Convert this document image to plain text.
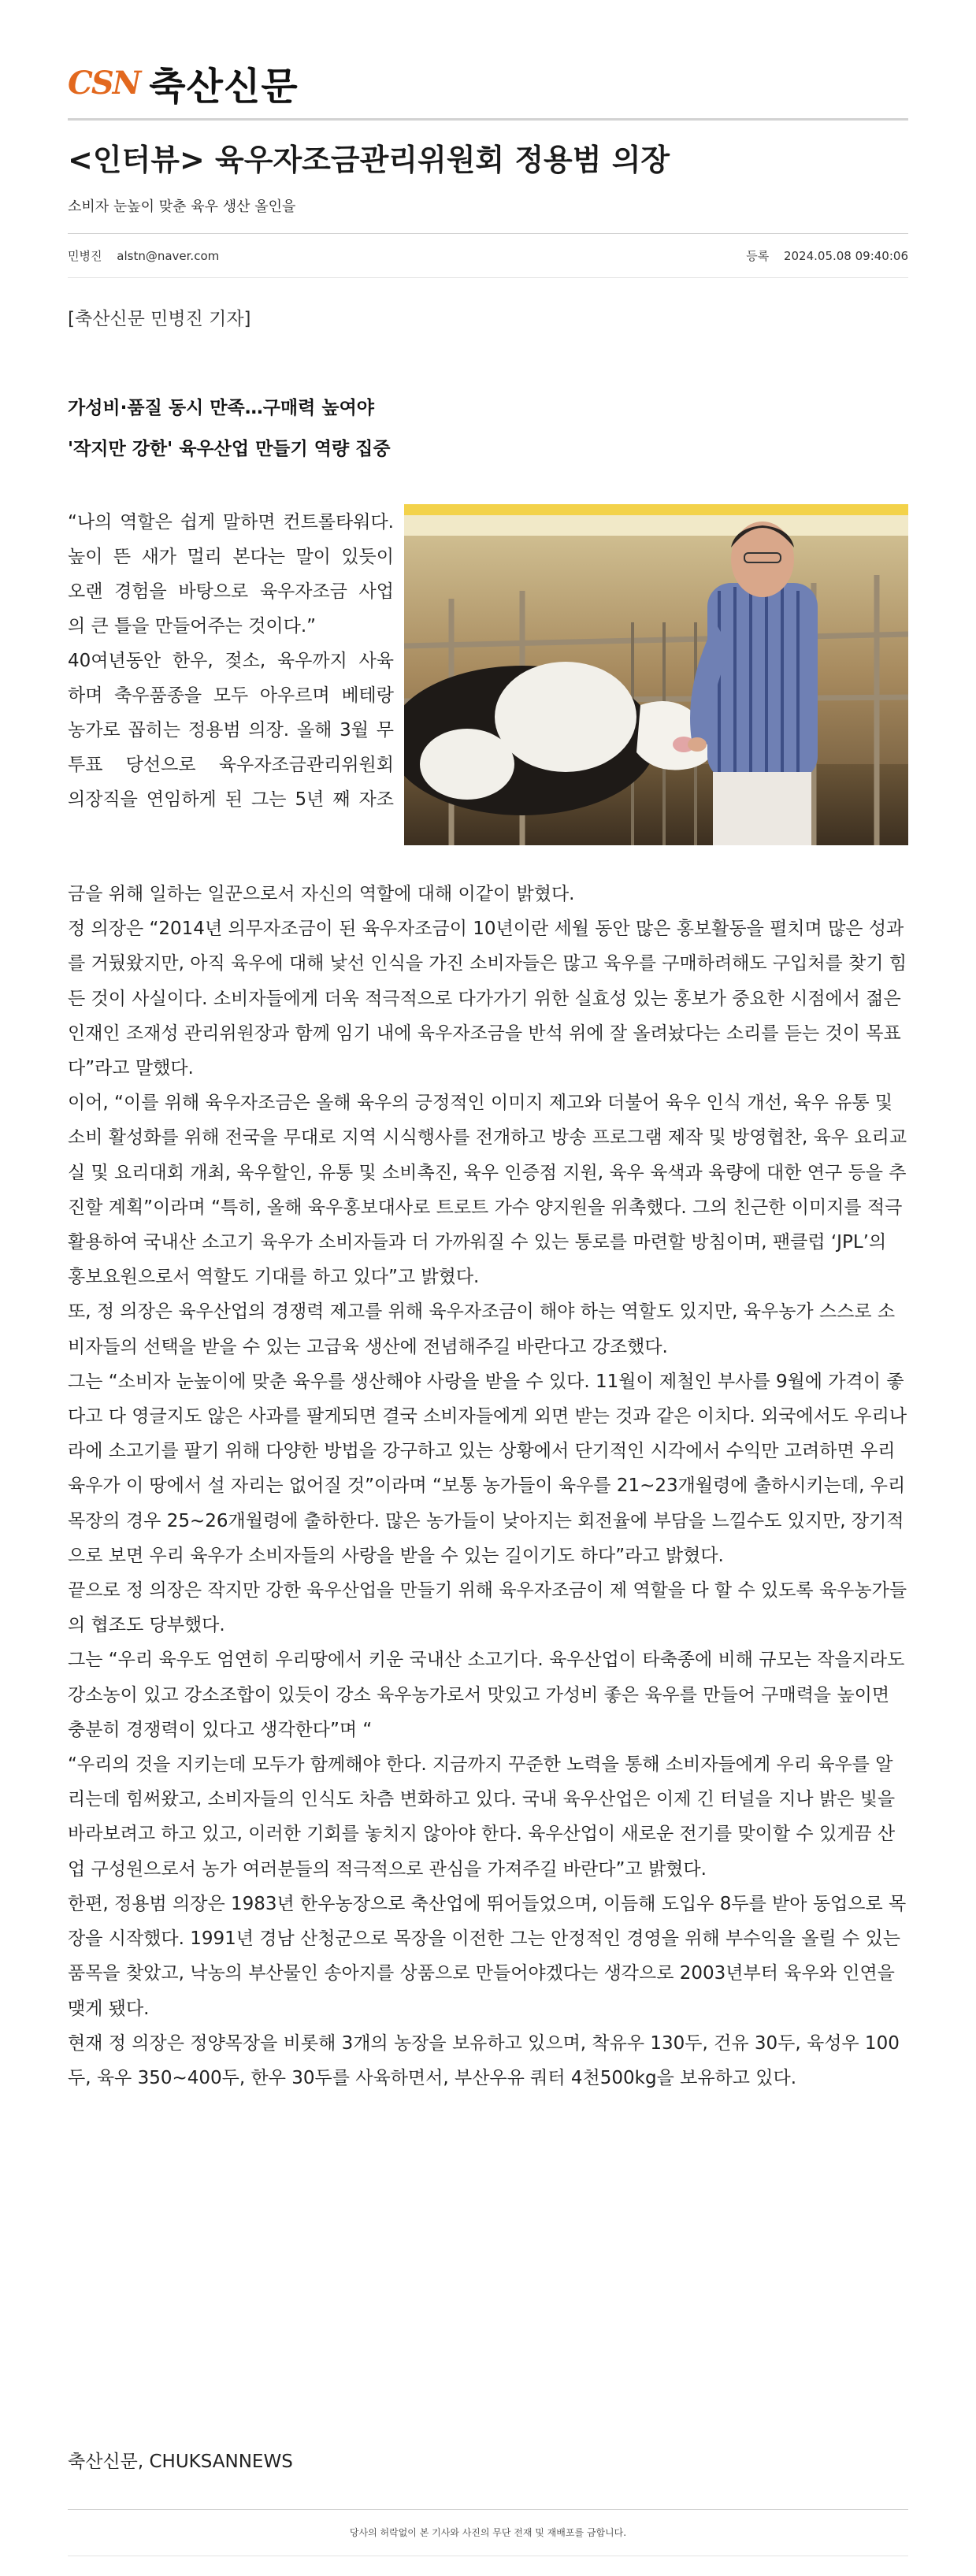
CSN 축산신문
<인터뷰> 육우자조금관리위원회 정용범 의장
소비자 눈높이 맞춘 육우 생산 올인을
민병진 alstn@naver.com	등록 2024.05.08 09:40:06
[축산신문 민병진 기자]
가성비·품질 동시 만족…구매력 높여야
'작지만 강한' 육우산업 만들기 역량 집중

“나의 역할은 쉽게 말하면 컨트롤타워다.

높이 뜬 새가 멀리 본다는 말이 있듯이

오랜 경험을 바탕으로 육우자조금 사업

의 큰 틀을 만들어주는 것이다.”

40여년동안 한우, 젖소, 육우까지 사육

하며 축우품종을 모두 아우르며 베테랑

농가로 꼽히는 정용범 의장. 올해 3월 무

투표 당선으로 육우자조금관리위원회

의장직을 연임하게 된 그는 5년 째 자조

금을 위해 일하는 일꾼으로서 자신의 역할에 대해 이같이 밝혔다.

정 의장은 “2014년 의무자조금이 된 육우자조금이 10년이란 세월 동안 많은 홍보활동을 펼치며 많은 성과를 거뒀왔지만, 아직 육우에 대해 낯선 인식을 가진 소비자들은 많고 육우를 구매하려해도 구입처를 찾기 힘든 것이 사실이다. 소비자들에게 더욱 적극적으로 다가가기 위한 실효성 있는 홍보가 중요한 시점에서 젊은 인재인 조재성 관리위원장과 함께 임기 내에 육우자조금을 반석 위에 잘 올려놨다는 소리를 듣는 것이 목표다”라고 말했다.

이어, “이를 위해 육우자조금은 올해 육우의 긍정적인 이미지 제고와 더불어 육우 인식 개선, 육우 유통 및 소비 활성화를 위해 전국을 무대로 지역 시식행사를 전개하고 방송 프로그램 제작 및 방영협찬, 육우 요리교실 및 요리대회 개최, 육우할인, 유통 및 소비촉진, 육우 인증점 지원, 육우 육색과 육량에 대한 연구 등을 추진할 계획”이라며 “특히, 올해 육우홍보대사로 트로트 가수 양지원을 위촉했다. 그의 친근한 이미지를 적극 활용하여 국내산 소고기 육우가 소비자들과 더 가까워질 수 있는 통로를 마련할 방침이며, 팬클럽 ‘JPL’의 홍보요원으로서 역할도 기대를 하고 있다”고 밝혔다.

또, 정 의장은 육우산업의 경쟁력 제고를 위해 육우자조금이 해야 하는 역할도 있지만, 육우농가 스스로 소비자들의 선택을 받을 수 있는 고급육 생산에 전념해주길 바란다고 강조했다.

그는 “소비자 눈높이에 맞춘 육우를 생산해야 사랑을 받을 수 있다. 11월이 제철인 부사를 9월에 가격이 좋다고 다 영글지도 않은 사과를 팔게되면 결국 소비자들에게 외면 받는 것과 같은 이치다. 외국에서도 우리나라에 소고기를 팔기 위해 다양한 방법을 강구하고 있는 상황에서 단기적인 시각에서 수익만 고려하면 우리 육우가 이 땅에서 설 자리는 없어질 것”이라며 “보통 농가들이 육우를 21~23개월령에 출하시키는데, 우리 목장의 경우 25~26개월령에 출하한다. 많은 농가들이 낮아지는 회전율에 부담을 느낄수도 있지만, 장기적으로 보면 우리 육우가 소비자들의 사랑을 받을 수 있는 길이기도 하다”라고 밝혔다.

끝으로 정 의장은 작지만 강한 육우산업을 만들기 위해 육우자조금이 제 역할을 다 할 수 있도록 육우농가들의 협조도 당부했다.

그는 “우리 육우도 엄연히 우리땅에서 키운 국내산 소고기다. 육우산업이 타축종에 비해 규모는 작을지라도 강소농이 있고 강소조합이 있듯이 강소 육우농가로서 맛있고 가성비 좋은 육우를 만들어 구매력을 높이면 충분히 경쟁력이 있다고 생각한다”며 “

“우리의 것을 지키는데 모두가 함께해야 한다. 지금까지 꾸준한 노력을 통해 소비자들에게 우리 육우를 알리는데 힘써왔고, 소비자들의 인식도 차츰 변화하고 있다. 국내 육우산업은 이제 긴 터널을 지나 밝은 빛을 바라보려고 하고 있고, 이러한 기회를 놓치지 않아야 한다. 육우산업이 새로운 전기를 맞이할 수 있게끔 산업 구성원으로서 농가 여러분들의 적극적으로 관심을 가져주길 바란다”고 밝혔다.

한편, 정용범 의장은 1983년 한우농장으로 축산업에 뛰어들었으며, 이듬해 도입우 8두를 받아 동업으로 목장을 시작했다. 1991년 경남 산청군으로 목장을 이전한 그는 안정적인 경영을 위해 부수익을 올릴 수 있는 품목을 찾았고, 낙농의 부산물인 송아지를 상품으로 만들어야겠다는 생각으로 2003년부터 육우와 인연을 맺게 됐다.

현재 정 의장은 정양목장을 비롯해 3개의 농장을 보유하고 있으며, 착유우 130두, 건유 30두, 육성우 100두, 육우 350~400두, 한우 30두를 사육하면서, 부산우유 쿼터 4천500kg을 보유하고 있다.

축산신문, CHUKSANNEWS
당사의 허락없이 본 기사와 사진의 무단 전재 및 재배포를 금합니다.
